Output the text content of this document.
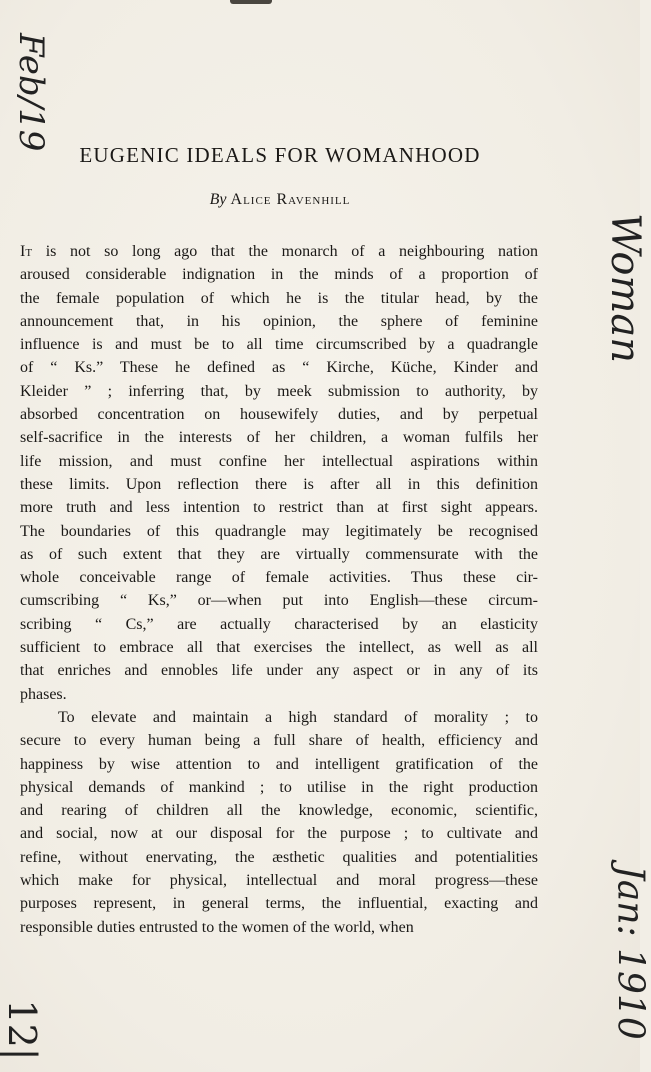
Feb/19
Woman
Jan: 1910
12|
EUGENIC IDEALS FOR WOMANHOOD
By Alice Ravenhill
It is not so long ago that the monarch of a neighbouring nation
aroused considerable indignation in the minds of a proportion of
the female population of which he is the titular head, by the
announcement that, in his opinion, the sphere of feminine
influence is and must be to all time circumscribed by a quadrangle
of “ Ks.” These he defined as “ Kirche, Küche, Kinder and
Kleider ” ; inferring that, by meek submission to authority, by
absorbed concentration on housewifely duties, and by perpetual
self-sacrifice in the interests of her children, a woman fulfils her
life mission, and must confine her intellectual aspirations within
these limits. Upon reflection there is after all in this definition
more truth and less intention to restrict than at first sight appears.
The boundaries of this quadrangle may legitimately be recognised
as of such extent that they are virtually commensurate with the
whole conceivable range of female activities. Thus these cir-
cumscribing “ Ks,” or—when put into English—these circum-
scribing “ Cs,” are actually characterised by an elasticity
sufficient to embrace all that exercises the intellect, as well as all
that enriches and ennobles life under any aspect or in any of its
phases.
To elevate and maintain a high standard of morality ; to
secure to every human being a full share of health, efficiency and
happiness by wise attention to and intelligent gratification of the
physical demands of mankind ; to utilise in the right production
and rearing of children all the knowledge, economic, scientific,
and social, now at our disposal for the purpose ; to cultivate and
refine, without enervating, the æsthetic qualities and potentialities
which make for physical, intellectual and moral progress—these
purposes represent, in general terms, the influential, exacting and
responsible duties entrusted to the women of the world, when
